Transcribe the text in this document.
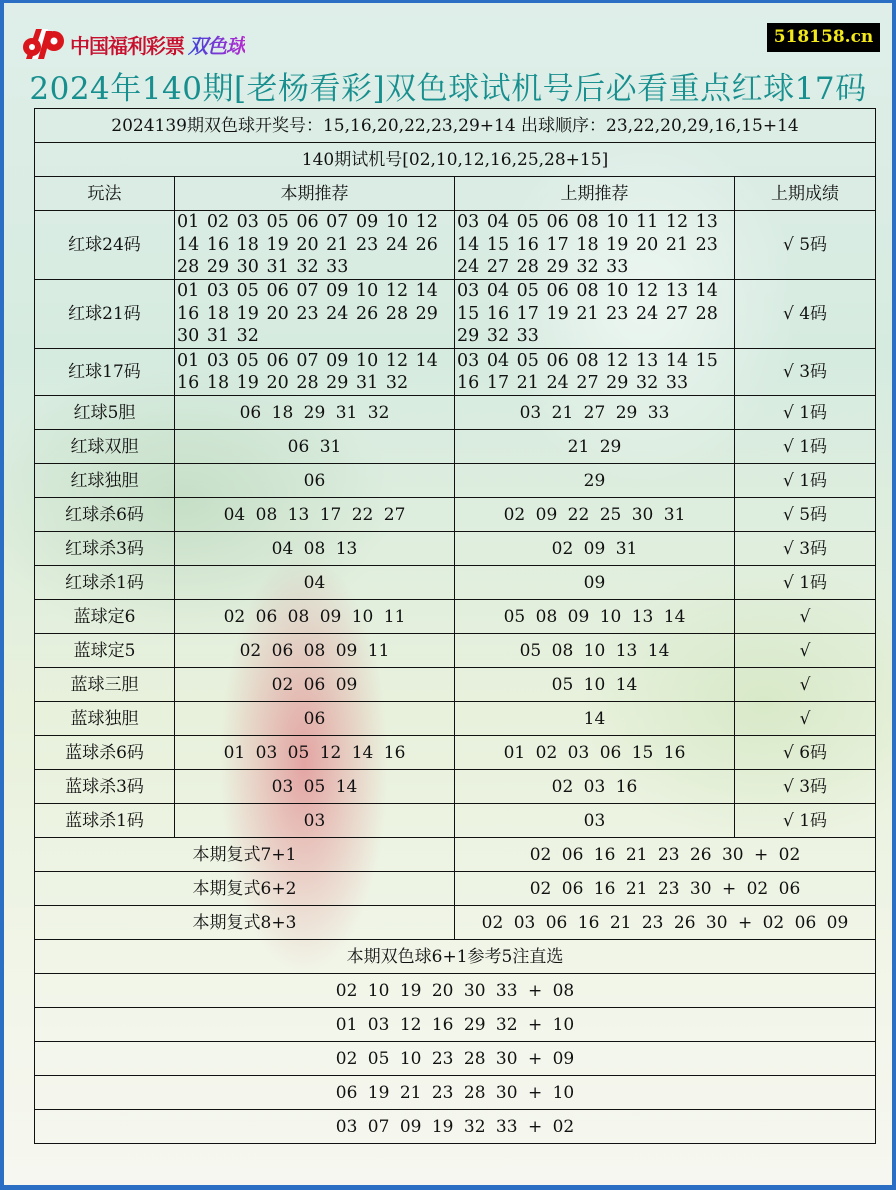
中国福利彩票 双色球	518158.cn
2024年140期[老杨看彩]双色球试机号后必看重点红球17码
2024139期双色球开奖号：15,16,20,22,23,29+14 出球顺序：23,22,20,29,16,15+14			
140期试机号[02,10,12,16,25,28+15]			
玩法	本期推荐	上期推荐	上期成绩
红球24码	01 02 03 05 06 07 09 10 12 14 16 18 19 20 21 23 24 26 28 29 30 31 32 33	03 04 05 06 08 10 11 12 13 14 15 16 17 18 19 20 21 23 24 27 28 29 32 33	√ 5码
红球21码	01 03 05 06 07 09 10 12 14 16 18 19 20 23 24 26 28 29 30 31 32	03 04 05 06 08 10 12 13 14 15 16 17 19 21 23 24 27 28 29 32 33	√ 4码
红球17码	01 03 05 06 07 09 10 12 14 16 18 19 20 28 29 31 32	03 04 05 06 08 12 13 14 15 16 17 21 24 27 29 32 33	√ 3码
红球5胆	06 18 29 31 32	03 21 27 29 33	√ 1码
红球双胆	06 31	21 29	√ 1码
红球独胆	06	29	√ 1码
红球杀6码	04 08 13 17 22 27	02 09 22 25 30 31	√ 5码
红球杀3码	04 08 13	02 09 31	√ 3码
红球杀1码	04	09	√ 1码
蓝球定6	02 06 08 09 10 11	05 08 09 10 13 14	√
蓝球定5	02 06 08 09 11	05 08 10 13 14	√
蓝球三胆	02 06 09	05 10 14	√
蓝球独胆	06	14	√
蓝球杀6码	01 03 05 12 14 16	01 02 03 06 15 16	√ 6码
蓝球杀3码	03 05 14	02 03 16	√ 3码
蓝球杀1码	03	03	√ 1码
本期复式7+1		02 06 16 21 23 26 30 + 02	
本期复式6+2		02 06 16 21 23 30 + 02 06	
本期复式8+3		02 03 06 16 21 23 26 30 + 02 06 09	
本期双色球6+1参考5注直选			
02 10 19 20 30 33 + 08			
01 03 12 16 29 32 + 10			
02 05 10 23 28 30 + 09			
06 19 21 23 28 30 + 10			
03 07 09 19 32 33 + 02			
